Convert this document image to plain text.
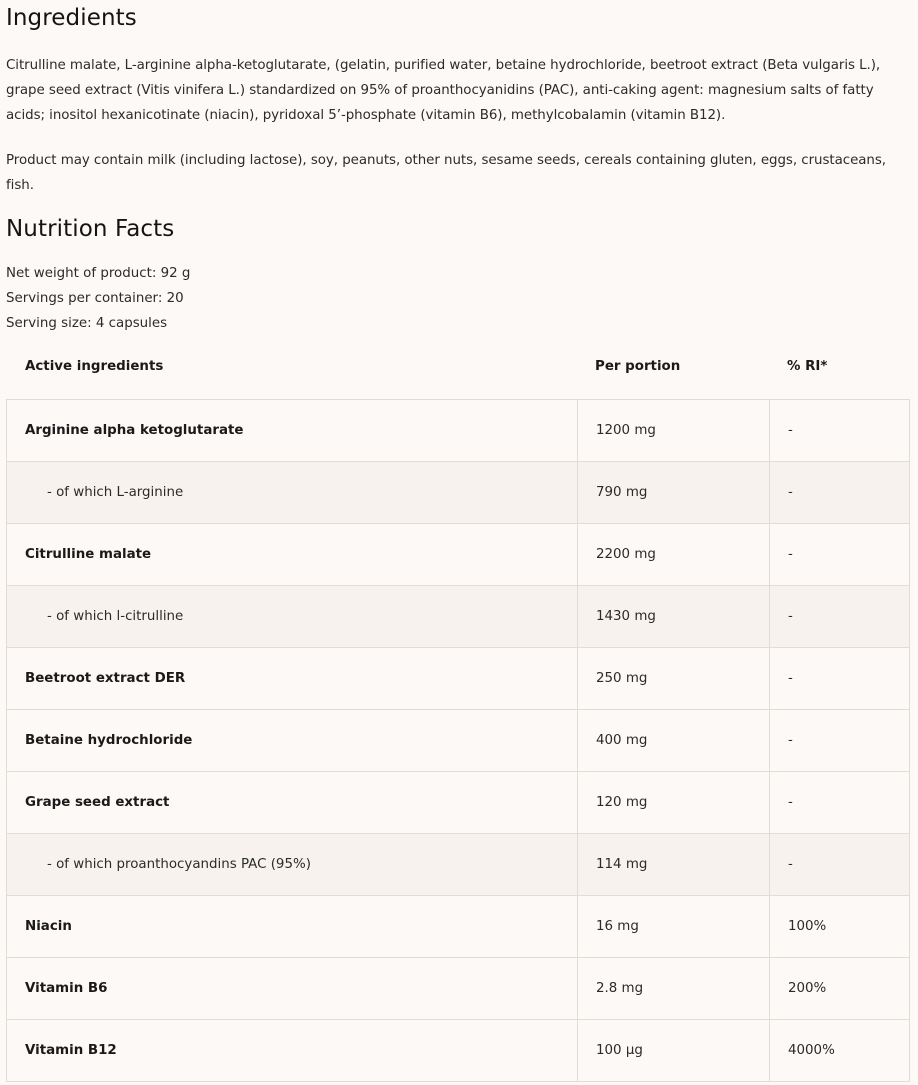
Ingredients

Citrulline malate, L-arginine alpha-ketoglutarate, (gelatin, purified water, betaine hydrochloride, beetroot extract (Beta vulgaris L.), grape seed extract (Vitis vinifera L.) standardized on 95% of proanthocyanidins (PAC), anti-caking agent: magnesium salts of fatty acids; inositol hexanicotinate (niacin), pyridoxal 5’-phosphate (vitamin B6), methylcobalamin (vitamin B12).

Product may contain milk (including lactose), soy, peanuts, other nuts, sesame seeds, cereals containing gluten, eggs, crustaceans, fish.

Nutrition Facts
Net weight of product: 92 g
Servings per container: 20
Serving size: 4 capsules
Active ingredients	Per portion	% RI*
Arginine alpha ketoglutarate	1200 mg	-
- of which L-arginine	790 mg	-
Citrulline malate	2200 mg	-
- of which l-citrulline	1430 mg	-
Beetroot extract DER	250 mg	-
Betaine hydrochloride	400 mg	-
Grape seed extract	120 mg	-
- of which proanthocyandins PAC (95%)	114 mg	-
Niacin	16 mg	100%
Vitamin B6	2.8 mg	200%
Vitamin B12	100 µg	4000%
